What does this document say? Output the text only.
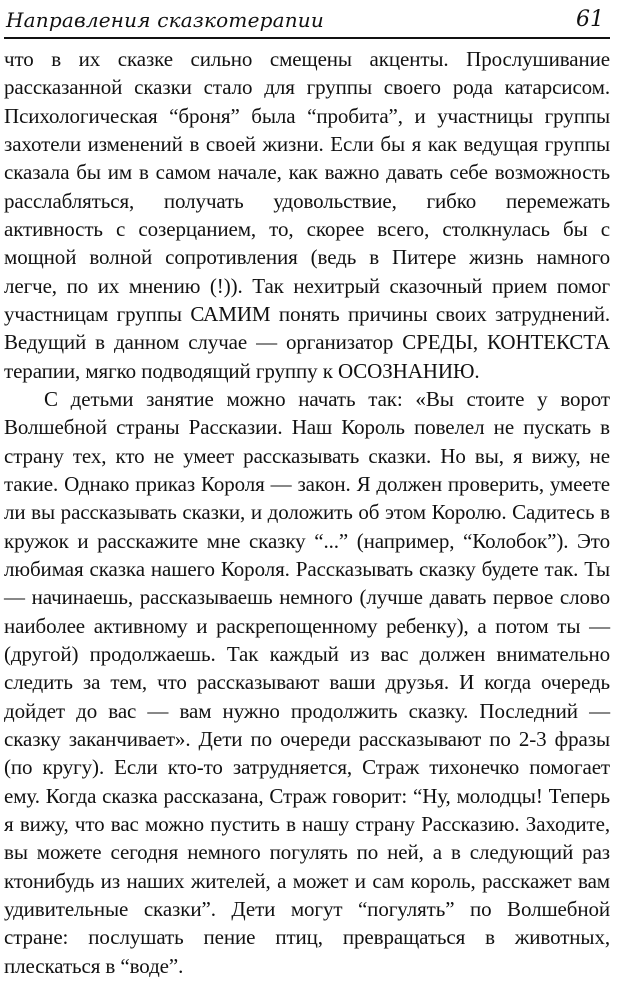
Направления сказкотерапии	61

что в их сказке сильно смещены акценты. Прослушивание рассказанной сказки стало для группы своего рода катарсисом. Психологическая “броня” была “пробита”, и участницы группы захотели изменений в своей жизни. Если бы я как ведущая группы сказала бы им в самом начале, как важно давать себе возможность расслабляться, получать удовольствие, гибко перемежать активность с созерцанием, то, скорее всего, столкнулась бы с мощной волной сопротивления (ведь в Питере жизнь намного легче, по их мнению (!)). Так нехитрый сказочный прием помог участницам группы САМИМ понять причины своих затруднений. Ведущий в данном случае — организатор СРЕДЫ, КОНТЕКСТА терапии, мягко подводящий группу к ОСОЗНАНИЮ.

С детьми занятие можно начать так: «Вы стоите у ворот Волшебной страны Рассказии. Наш Король повелел не пускать в страну тех, кто не умеет рассказывать сказки. Но вы, я вижу, не такие. Однако приказ Короля — закон. Я должен проверить, умеете ли вы рассказывать сказки, и доложить об этом Королю. Садитесь в кружок и расскажите мне сказку “...” (например, “Колобок”). Это любимая сказка нашего Короля. Рассказывать сказку будете так. Ты — начинаешь, рассказываешь немного (лучше давать первое слово наиболее активному и раскрепощенному ребенку), а потом ты — (другой) продолжаешь. Так каждый из вас должен внимательно следить за тем, что рассказывают ваши друзья. И когда очередь дойдет до вас — вам нужно продолжить сказку. Последний — сказку заканчивает». Дети по очереди рассказывают по 2-3 фразы (по кругу). Если кто-то затрудняется, Страж тихонечко помогает ему. Когда сказка рассказана, Страж говорит: “Ну, молодцы! Теперь я вижу, что вас можно пустить в нашу страну Рассказию. Заходите, вы можете сегодня немного погулять по ней, а в следующий раз ктонибудь из наших жителей, а может и сам король, расскажет вам удивительные сказки”. Дети могут “погулять” по Волшебной стране: послушать пение птиц, превращаться в животных, плескаться в “воде”.
